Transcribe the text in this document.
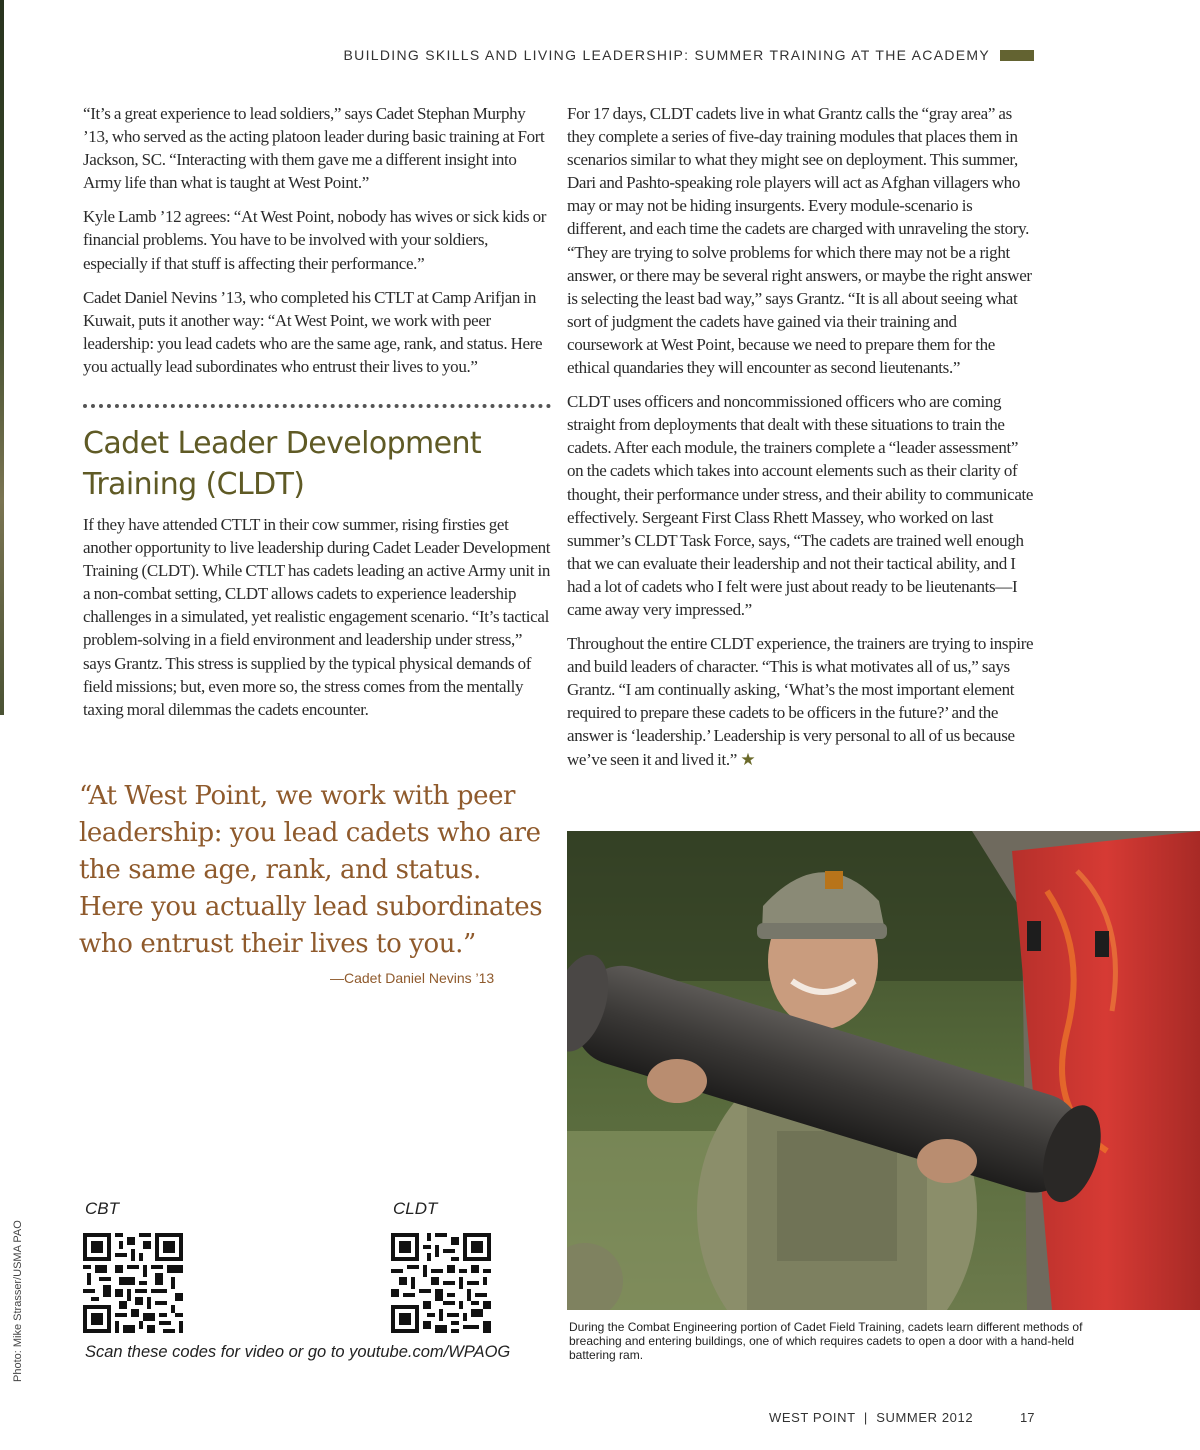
BUILDING SKILLS AND LIVING LEADERSHIP: SUMMER TRAINING AT THE ACADEMY

“It’s a great experience to lead soldiers,” says Cadet Stephan Murphy ’13, who served as the acting platoon leader during basic training at Fort Jackson, SC. “Interacting with them gave me a different insight into Army life than what is taught at West Point.”

Kyle Lamb ’12 agrees: “At West Point, nobody has wives or sick kids or financial problems. You have to be involved with your soldiers, especially if that stuff is affecting their performance.”

Cadet Daniel Nevins ’13, who completed his CTLT at Camp Arifjan in Kuwait, puts it another way: “At West Point, we work with peer leadership: you lead cadets who are the same age, rank, and status. Here you actually lead subordinates who entrust their lives to you.”

Cadet Leader Development Training (CLDT)

If they have attended CTLT in their cow summer, rising firsties get another opportunity to live leadership during Cadet Leader Development Training (CLDT). While CTLT has cadets leading an active Army unit in a non-combat setting, CLDT allows cadets to experience leadership challenges in a simulated, yet realistic engagement scenario. “It’s tactical problem-solving in a field environment and leadership under stress,” says Grantz. This stress is supplied by the typical physical demands of field missions; but, even more so, the stress comes from the mentally taxing moral dilemmas the cadets encounter.

“At West Point, we work with peer leadership: you lead cadets who are the same age, rank, and status. Here you actually lead subordinates who entrust their lives to you.”
—Cadet Daniel Nevins ’13

For 17 days, CLDT cadets live in what Grantz calls the “gray area” as they complete a series of five-day training modules that places them in scenarios similar to what they might see on deployment. This summer, Dari and Pashto-speaking role players will act as Afghan villagers who may or may not be hiding insurgents. Every module-scenario is different, and each time the cadets are charged with unraveling the story. “They are trying to solve problems for which there may not be a right answer, or there may be several right answers, or maybe the right answer is selecting the least bad way,” says Grantz. “It is all about seeing what sort of judgment the cadets have gained via their training and coursework at West Point, because we need to prepare them for the ethical quandaries they will encounter as second lieutenants.”

CLDT uses officers and noncommissioned officers who are coming straight from deployments that dealt with these situations to train the cadets. After each module, the trainers complete a “leader assessment” on the cadets which takes into account elements such as their clarity of thought, their performance under stress, and their ability to communicate effectively. Sergeant First Class Rhett Massey, who worked on last summer’s CLDT Task Force, says, “The cadets are trained well enough that we can evaluate their leadership and not their tactical ability, and I had a lot of cadets who I felt were just about ready to be lieutenants—I came away very impressed.”

Throughout the entire CLDT experience, the trainers are trying to inspire and build leaders of character. “This is what motivates all of us,” says Grantz. “I am continually asking, ‘What’s the most important element required to prepare these cadets to be officers in the future?’ and the answer is ‘leadership.’ Leadership is very personal to all of us because we’ve seen it and lived it.” ★

CBT	CLDT
Scan these codes for video or go to youtube.com/WPAOG
Photo: Mike Strasser/USMA PAO	During the Combat Engineering portion of Cadet Field Training, cadets learn different methods of breaching and entering buildings, one of which requires cadets to open a door with a hand-held battering ram.
WEST POINT  |  SUMMER 2012	17
